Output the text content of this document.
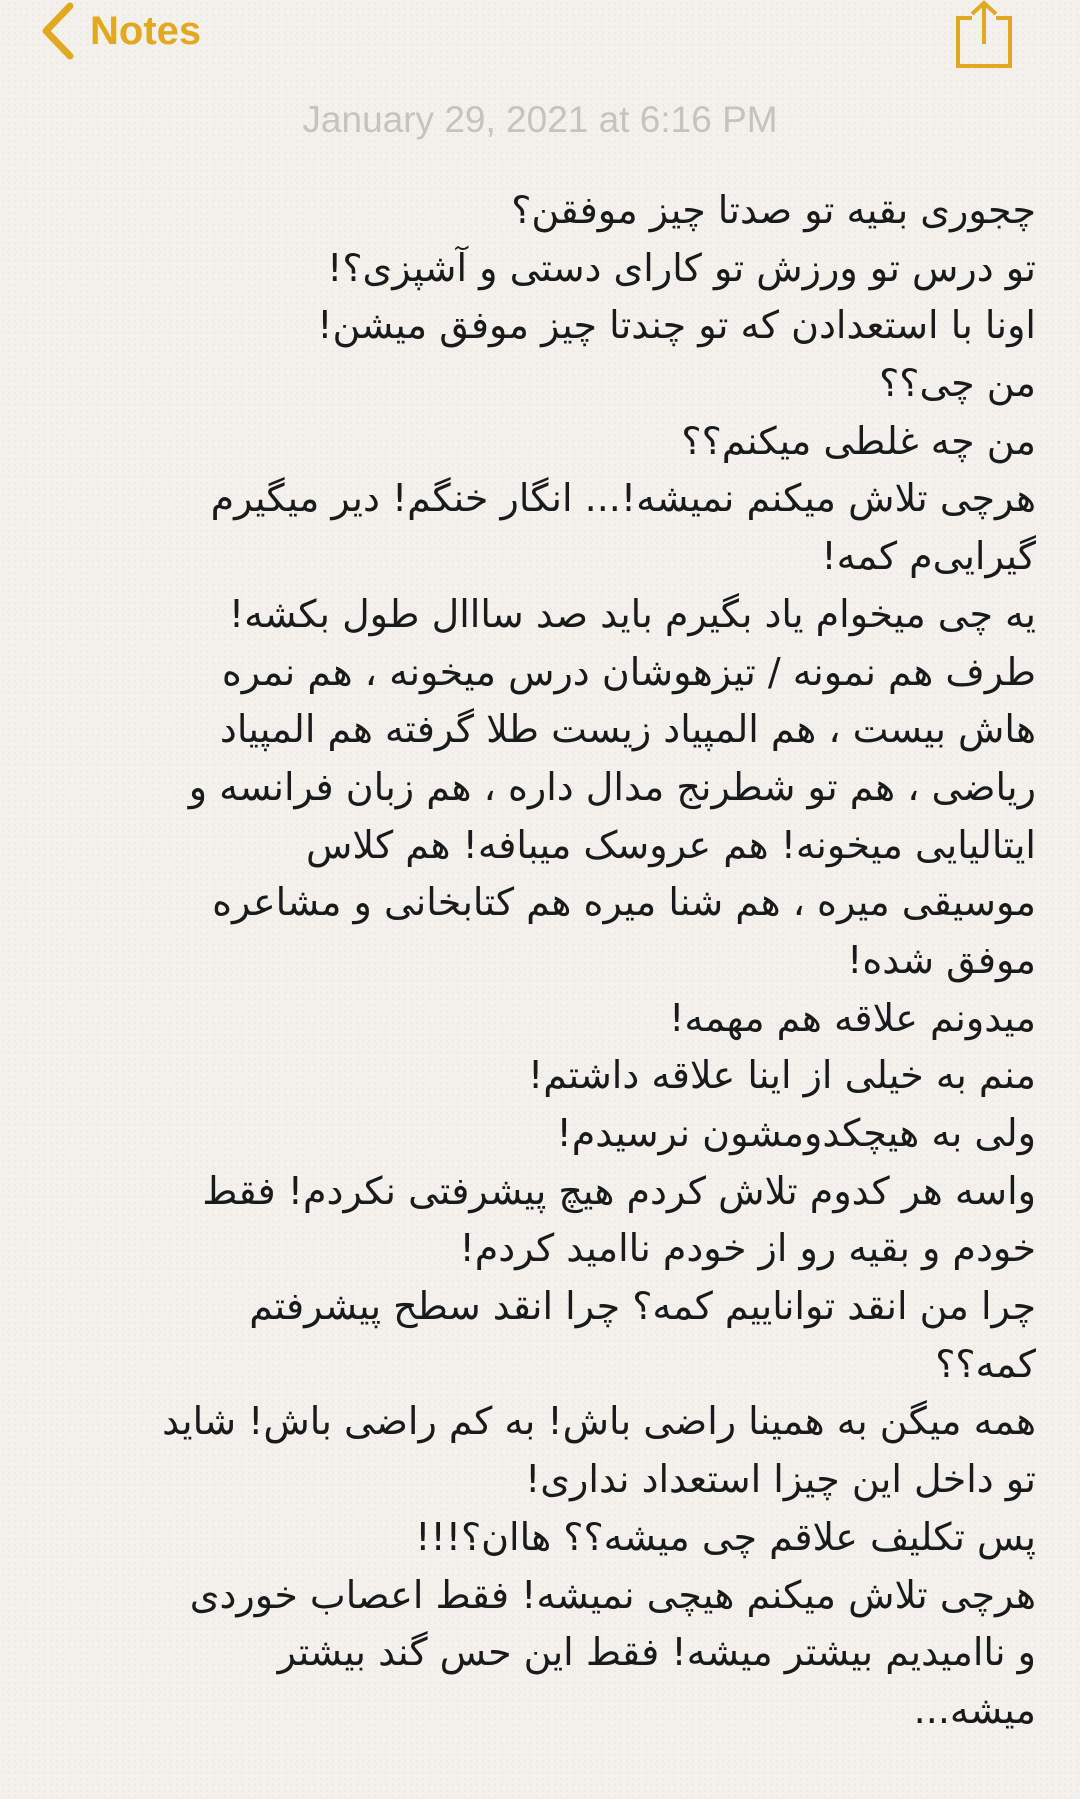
Notes
January 29, 2021 at 6:16 PM
چجوری بقیه تو صدتا چیز موفقن؟
تو درس تو ورزش تو کارای دستی و آشپزی؟!
اونا با استعدادن که تو چندتا چیز موفق میشن!
من چی؟؟
من چه غلطی میکنم؟؟
هرچی تلاش میکنم نمیشه!... انگار خنگم! دیر میگیرم
گیرایی‌م کمه!
یه چی میخوام یاد بگیرم باید صد سااال طول بکشه!
طرف هم نمونه / تیزهوشان درس میخونه ، هم نمره
هاش بیست ، هم المپیاد زیست طلا گرفته هم المپیاد
ریاضی ، هم تو شطرنج مدال داره ، هم زبان فرانسه و
ایتالیایی میخونه! هم عروسک میبافه! هم کلاس
موسیقی میره ، هم شنا میره هم کتابخانی و مشاعره
موفق شده!
میدونم علاقه هم مهمه!
منم به خیلی از اینا علاقه داشتم!
ولی به هیچکدومشون نرسیدم!
واسه هر کدوم تلاش کردم هیچ پیشرفتی نکردم! فقط
خودم و بقیه رو از خودم ناامید کردم!
چرا من انقد تواناییم کمه؟ چرا انقد سطح پیشرفتم
کمه؟؟
همه میگن به همینا راضی باش! به کم راضی باش! شاید
تو داخل این چیزا استعداد نداری!
پس تکلیف علاقم چی میشه؟؟ هاان؟!!!
هرچی تلاش میکنم هیچی نمیشه! فقط اعصاب خوردی
و ناامیدیم بیشتر میشه! فقط این حس گند بیشتر
میشه...
